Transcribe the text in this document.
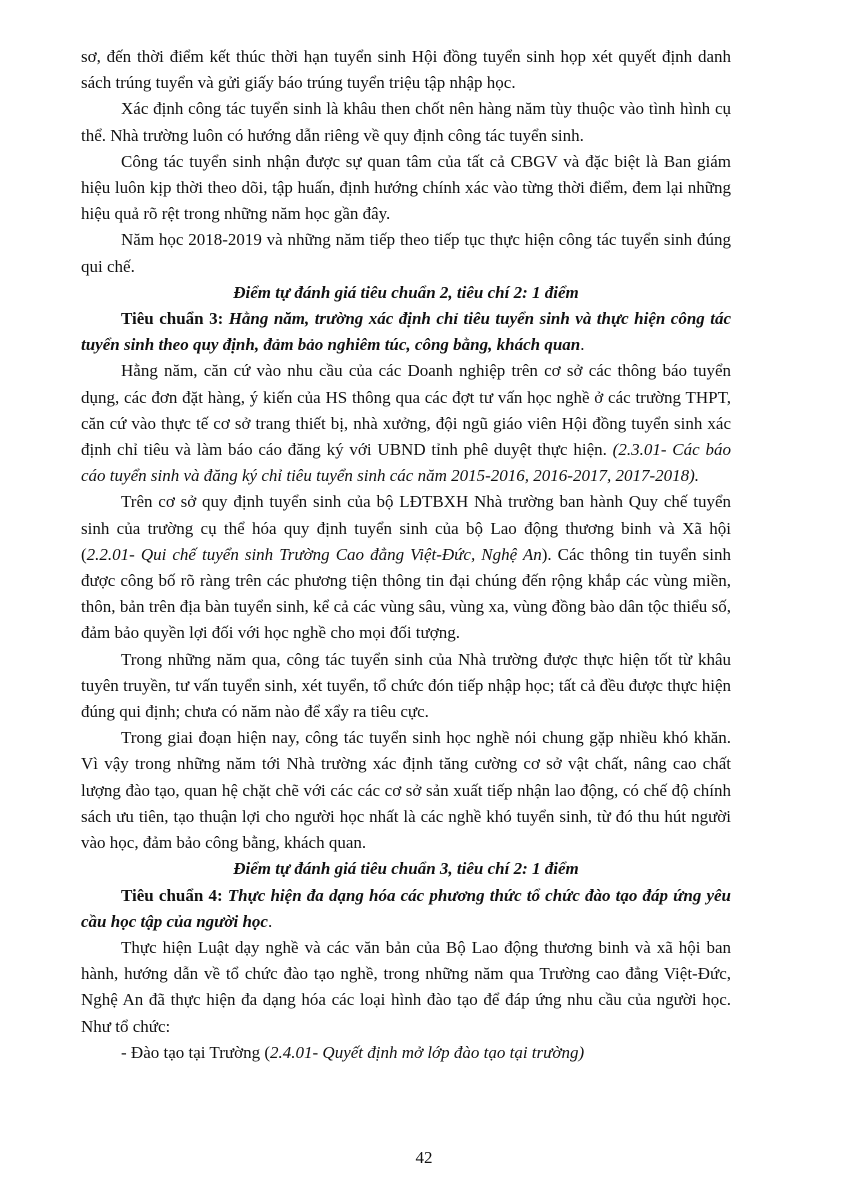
sơ, đến thời điểm kết thúc thời hạn tuyển sinh Hội đồng tuyển sinh họp xét quyết định danh sách trúng tuyển và gửi giấy báo trúng tuyển triệu tập nhập học.

Xác định công tác tuyển sinh là khâu then chốt nên hàng năm tùy thuộc vào tình hình cụ thể. Nhà trường luôn có hướng dẫn riêng về quy định công tác tuyển sinh.

Công tác tuyển sinh nhận được sự quan tâm của tất cả CBGV và đặc biệt là Ban giám hiệu luôn kịp thời theo dõi, tập huấn, định hướng chính xác vào từng thời điểm, đem lại những hiệu quả rõ rệt trong những năm học gần đây.

Năm học 2018-2019 và những năm tiếp theo tiếp tục thực hiện công tác tuyển sinh đúng qui chế.

Điểm tự đánh giá tiêu chuẩn 2, tiêu chí 2: 1 điểm

Tiêu chuẩn 3: Hằng năm, trường xác định chỉ tiêu tuyển sinh và thực hiện công tác tuyển sinh theo quy định, đảm bảo nghiêm túc, công bằng, khách quan.

Hằng năm, căn cứ vào nhu cầu của các Doanh nghiệp trên cơ sở các thông báo tuyển dụng, các đơn đặt hàng, ý kiến của HS thông qua các đợt tư vấn học nghề ở các trường THPT, căn cứ vào thực tế cơ sở trang thiết bị, nhà xưởng, đội ngũ giáo viên Hội đồng tuyển sinh xác định chỉ tiêu và làm báo cáo đăng ký với UBND tỉnh phê duyệt thực hiện. (2.3.01- Các báo cáo tuyển sinh và đăng ký chỉ tiêu tuyển sinh các năm 2015-2016, 2016-2017, 2017-2018).

Trên cơ sở quy định tuyển sinh của bộ LĐTBXH Nhà trường ban hành Quy chế tuyển sinh của trường cụ thể hóa quy định tuyển sinh của bộ Lao động thương binh và Xã hội (2.2.01- Qui chế tuyển sinh Trường Cao đẳng Việt-Đức, Nghệ An). Các thông tin tuyển sinh được công bố rõ ràng trên các phương tiện thông tin đại chúng đến rộng khắp các vùng miền, thôn, bản trên địa bàn tuyển sinh, kể cả các vùng sâu, vùng xa, vùng đồng bào dân tộc thiểu số, đảm bảo quyền lợi đối với học nghề cho mọi đối tượng.

Trong những năm qua, công tác tuyển sinh của Nhà trường được thực hiện tốt từ khâu tuyên truyền, tư vấn tuyển sinh, xét tuyển, tổ chức đón tiếp nhập học; tất cả đều được thực hiện đúng qui định; chưa có năm nào để xẩy ra tiêu cực.

Trong giai đoạn hiện nay, công tác tuyển sinh học nghề nói chung gặp nhiều khó khăn. Vì vậy trong những năm tới Nhà trường xác định tăng cường cơ sở vật chất, nâng cao chất lượng đào tạo, quan hệ chặt chẽ với các các cơ sở sản xuất tiếp nhận lao động, có chế độ chính sách ưu tiên, tạo thuận lợi cho người học nhất là các nghề khó tuyển sinh, từ đó thu hút người vào học, đảm bảo công bằng, khách quan.

Điểm tự đánh giá tiêu chuẩn 3, tiêu chí 2: 1 điểm

Tiêu chuẩn 4: Thực hiện đa dạng hóa các phương thức tổ chức đào tạo đáp ứng yêu cầu học tập của người học.

Thực hiện Luật dạy nghề và các văn bản của Bộ Lao động thương binh và xã hội ban hành, hướng dẫn về tổ chức đào tạo nghề, trong những năm qua Trường cao đẳng Việt-Đức, Nghệ An đã thực hiện đa dạng hóa các loại hình đào tạo để đáp ứng nhu cầu của người học. Như tổ chức:

- Đào tạo tại Trường (2.4.01- Quyết định mở lớp đào tạo tại trường)

42
